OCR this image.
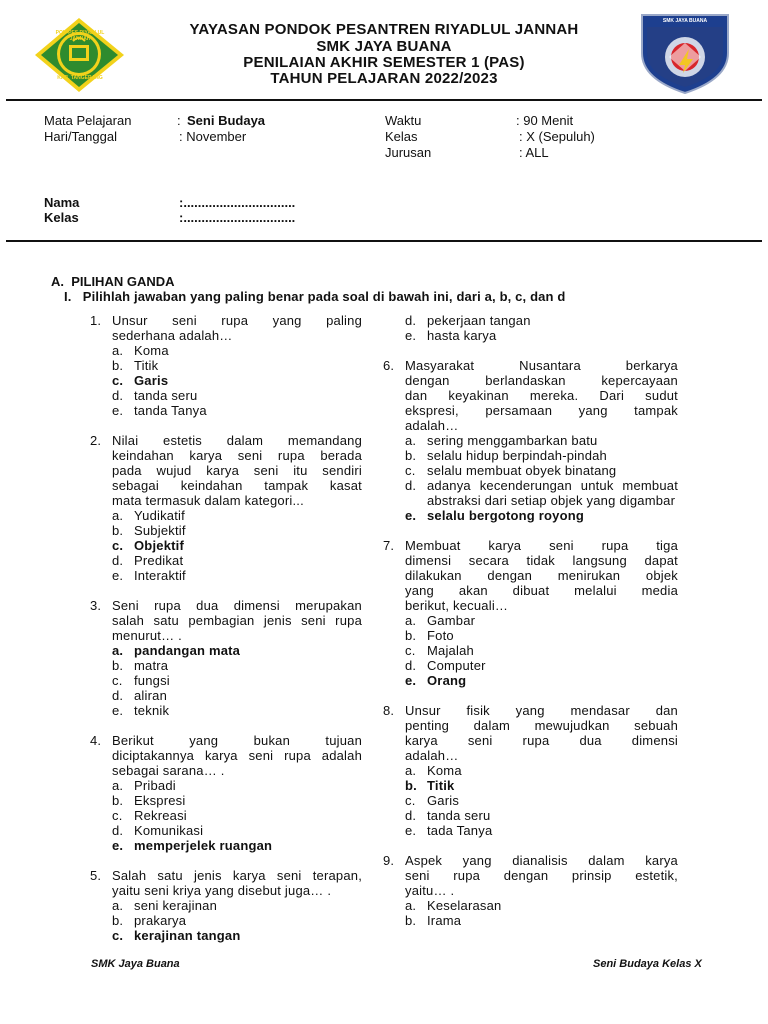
PON-PES RIYADLUL JANNAH
KAB. TANGERANG
SMK JAYA BUANA
YAYASAN PONDOK PESANTREN RIYADLUL JANNAH
SMK JAYA BUANA
PENILAIAN AKHIR SEMESTER 1 (PAS)
TAHUN PELAJARAN 2022/2023
Mata Pelajaran	: Seni Budaya
Hari/Tanggal	: November
Waktu	: 90 Menit
Kelas	: X (Sepuluh)
Jurusan	: ALL
Nama	:...............................
Kelas	:...............................
A.  PILIHAN GANDA
I.   Pilihlah jawaban yang paling benar pada soal di bawah ini, dari a, b, c, dan d
1. Unsur seni rupa yang paling
sederhana adalah…
a. Koma
b. Titik
c. Garis
d. tanda seru
e. tanda Tanya
2. Nilai estetis dalam memandang
keindahan karya seni rupa berada
pada wujud karya seni itu sendiri
sebagai keindahan tampak kasat
mata termasuk dalam kategori...
a. Yudikatif
b. Subjektif
c. Objektif
d. Predikat
e. Interaktif
3. Seni rupa dua dimensi merupakan
salah satu pembagian jenis seni rupa
menurut… .
a. pandangan mata
b. matra
c. fungsi
d. aliran
e. teknik
4. Berikut yang bukan tujuan
diciptakannya karya seni rupa adalah
sebagai sarana… .
a. Pribadi
b. Ekspresi
c. Rekreasi
d. Komunikasi
e. memperjelek ruangan
5. Salah satu jenis karya seni terapan,
yaitu seni kriya yang disebut juga… .
a. seni kerajinan
b. prakarya
c. kerajinan tangan
d. pekerjaan tangan
e. hasta karya
6. Masyarakat Nusantara berkarya
dengan berlandaskan kepercayaan
dan keyakinan mereka. Dari sudut
ekspresi, persamaan yang tampak
adalah…
a. sering menggambarkan batu
b. selalu hidup berpindah-pindah
c. selalu membuat obyek binatang
d. adanya kecenderungan untuk membuat abstraksi dari setiap objek yang digambar
e. selalu bergotong royong
7. Membuat karya seni rupa tiga
dimensi secara tidak langsung dapat
dilakukan dengan menirukan objek
yang akan dibuat melalui media
berikut, kecuali…
a. Gambar
b. Foto
c. Majalah
d. Computer
e. Orang
8. Unsur fisik yang mendasar dan
penting dalam mewujudkan sebuah
karya seni rupa dua dimensi
adalah…
a. Koma
b. Titik
c. Garis
d. tanda seru
e. tada Tanya
9. Aspek yang dianalisis dalam karya
seni rupa dengan prinsip estetik,
yaitu… .
a. Keselarasan
b. Irama
SMK Jaya Buana	Seni Budaya Kelas X
